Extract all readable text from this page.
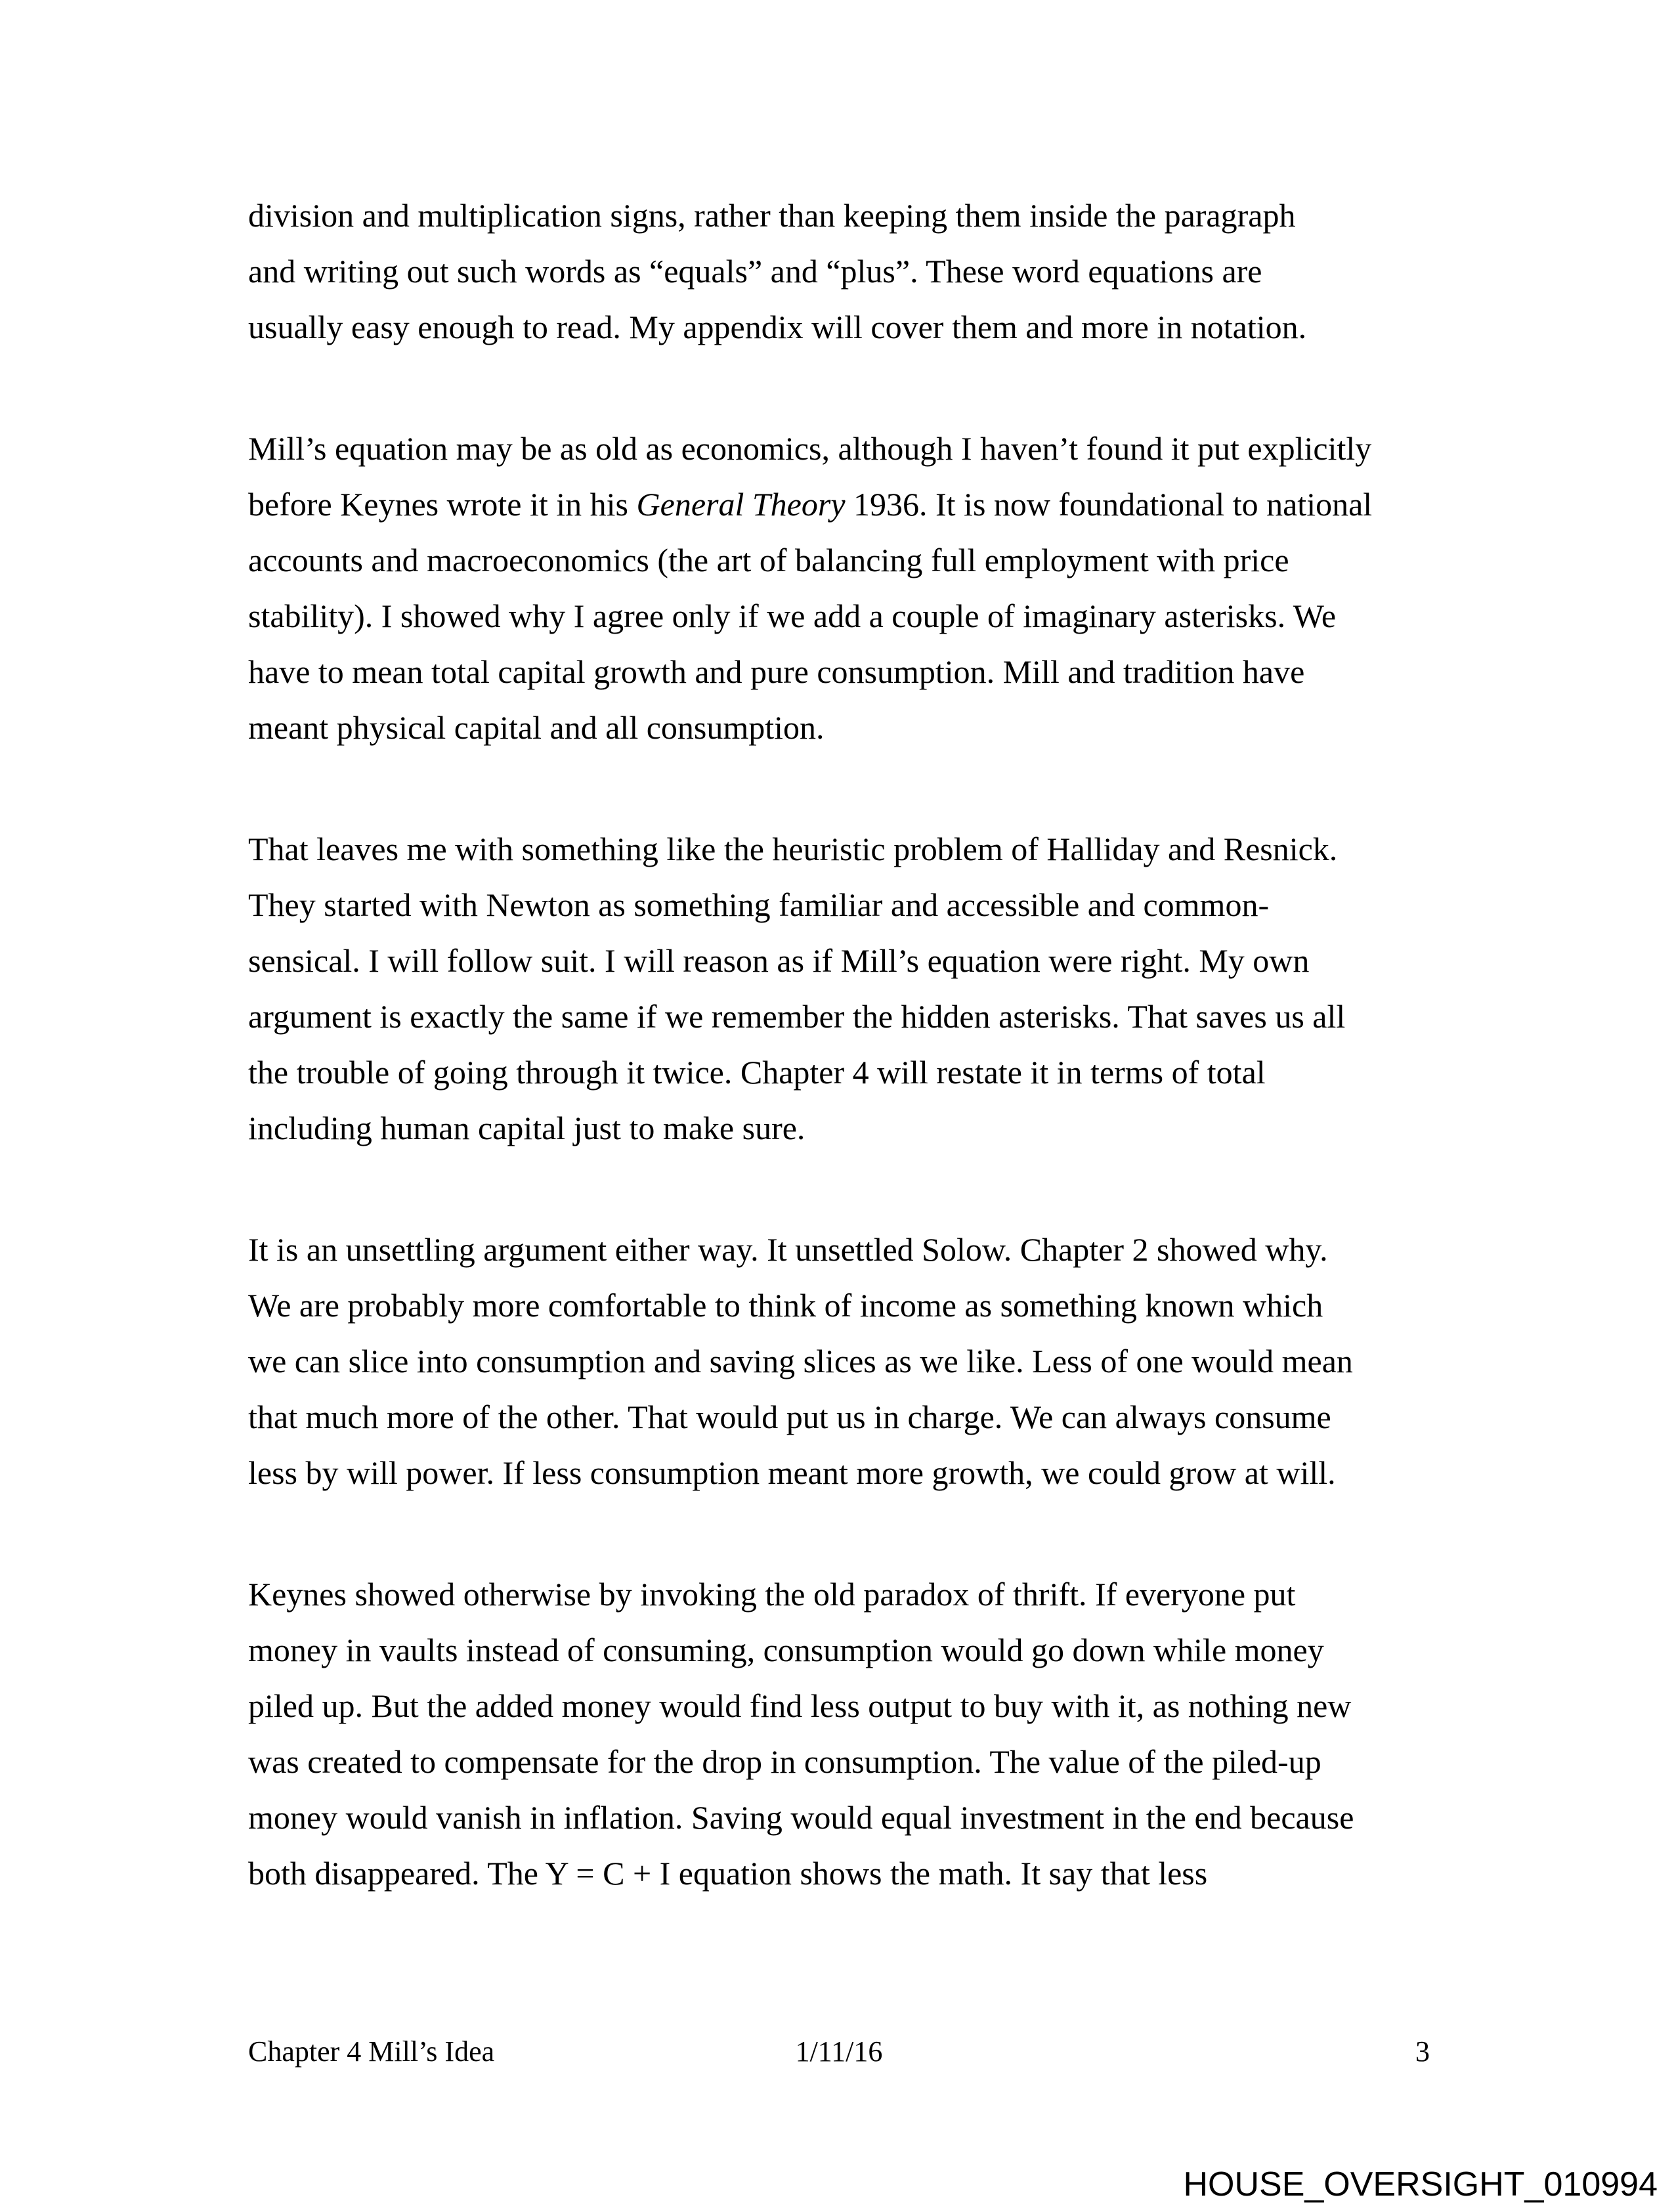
division and multiplication signs, rather than keeping them inside the paragraph
and writing out such words as “equals” and “plus”. These word equations are
usually easy enough to read. My appendix will cover them and more in notation.
Mill’s equation may be as old as economics, although I haven’t found it put explicitly
before Keynes wrote it in his General Theory 1936. It is now foundational to national
accounts and macroeconomics (the art of balancing full employment with price
stability). I showed why I agree only if we add a couple of imaginary asterisks. We
have to mean total capital growth and pure consumption. Mill and tradition have
meant physical capital and all consumption.
That leaves me with something like the heuristic problem of Halliday and Resnick.
They started with Newton as something familiar and accessible and common-
sensical. I will follow suit. I will reason as if Mill’s equation were right. My own
argument is exactly the same if we remember the hidden asterisks. That saves us all
the trouble of going through it twice. Chapter 4 will restate it in terms of total
including human capital just to make sure.
It is an unsettling argument either way. It unsettled Solow. Chapter 2 showed why.
We are probably more comfortable to think of income as something known which
we can slice into consumption and saving slices as we like. Less of one would mean
that much more of the other. That would put us in charge. We can always consume
less by will power. If less consumption meant more growth, we could grow at will.
Keynes showed otherwise by invoking the old paradox of thrift. If everyone put
money in vaults instead of consuming, consumption would go down while money
piled up. But the added money would find less output to buy with it, as nothing new
was created to compensate for the drop in consumption. The value of the piled-up
money would vanish in inflation. Saving would equal investment in the end because
both disappeared. The Y = C + I equation shows the math. It say that less
Chapter 4 Mill’s Idea	1/11/16	3
HOUSE_OVERSIGHT_010994
